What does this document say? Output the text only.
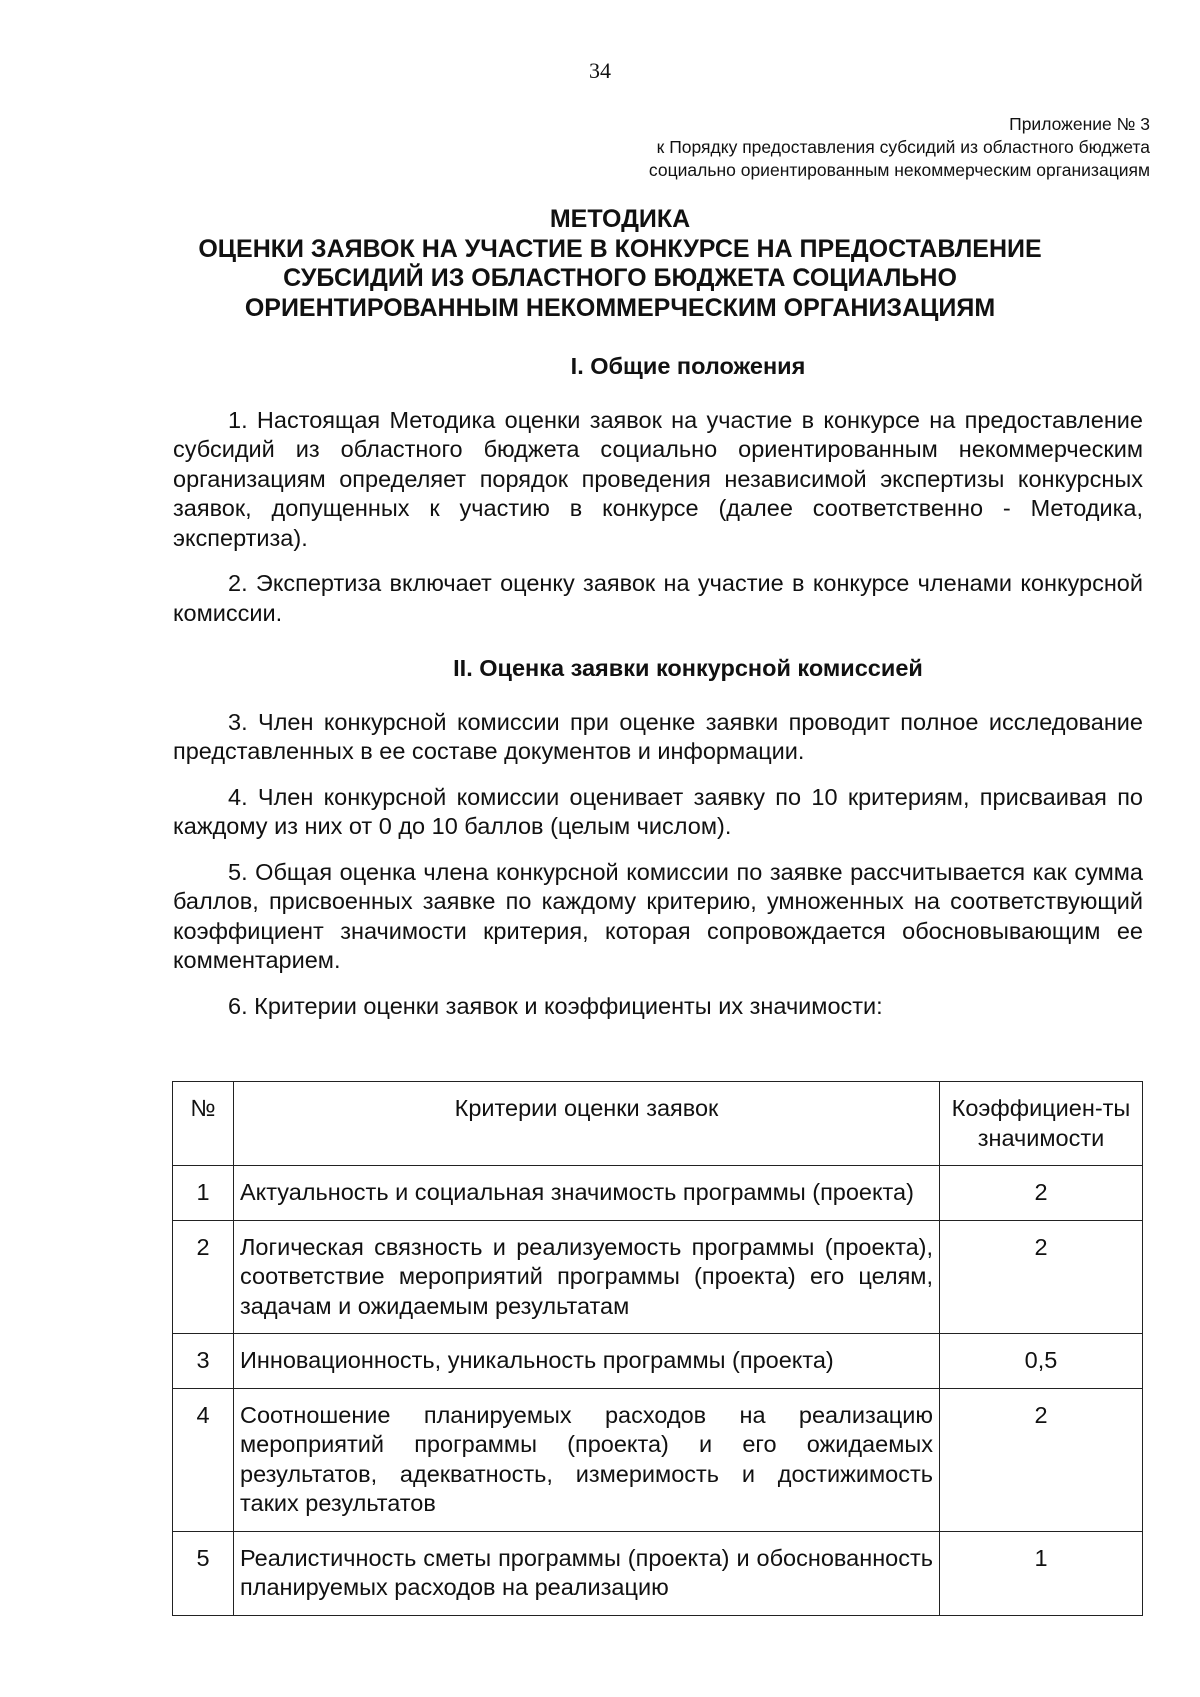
34
Приложение № 3
к Порядку предоставления субсидий из областного бюджета
социально ориентированным некоммерческим организациям
МЕТОДИКА
ОЦЕНКИ ЗАЯВОК НА УЧАСТИЕ В КОНКУРСЕ НА ПРЕДОСТАВЛЕНИЕ
СУБСИДИЙ ИЗ ОБЛАСТНОГО БЮДЖЕТА СОЦИАЛЬНО
ОРИЕНТИРОВАННЫМ НЕКОММЕРЧЕСКИМ ОРГАНИЗАЦИЯМ

I. Общие положения

1. Настоящая Методика оценки заявок на участие в конкурсе на предоставление субсидий из областного бюджета социально ориентированным некоммерческим организациям определяет порядок проведения независимой экспертизы конкурсных заявок, допущенных к участию в конкурсе (далее соответственно - Методика, экспертиза).

2. Экспертиза включает оценку заявок на участие в конкурсе членами конкурсной комиссии.

II. Оценка заявки конкурсной комиссией

3. Член конкурсной комиссии при оценке заявки проводит полное исследование представленных в ее составе документов и информации.

4. Член конкурсной комиссии оценивает заявку по 10 критериям, присваивая по каждому из них от 0 до 10 баллов (целым числом).

5. Общая оценка члена конкурсной комиссии по заявке рассчитывается как сумма баллов, присвоенных заявке по каждому критерию, умноженных на соответствующий коэффициент значимости критерия, которая сопровождается обосновывающим ее комментарием.

6. Критерии оценки заявок и коэффициенты их значимости:

№	Критерии оценки заявок	Коэффициен-ты значимости
1	Актуальность и социальная значимость программы (проекта)	2
2	Логическая связность и реализуемость программы (проекта), соответствие мероприятий программы (проекта) его целям, задачам и ожидаемым результатам	2
3	Инновационность, уникальность программы (проекта)	0,5
4	Соотношение планируемых расходов на реализацию мероприятий программы (проекта) и его ожидаемых результатов, адекватность, измеримость и достижимость таких результатов	2
5	Реалистичность сметы программы (проекта) и обоснованность планируемых расходов на реализацию	1
